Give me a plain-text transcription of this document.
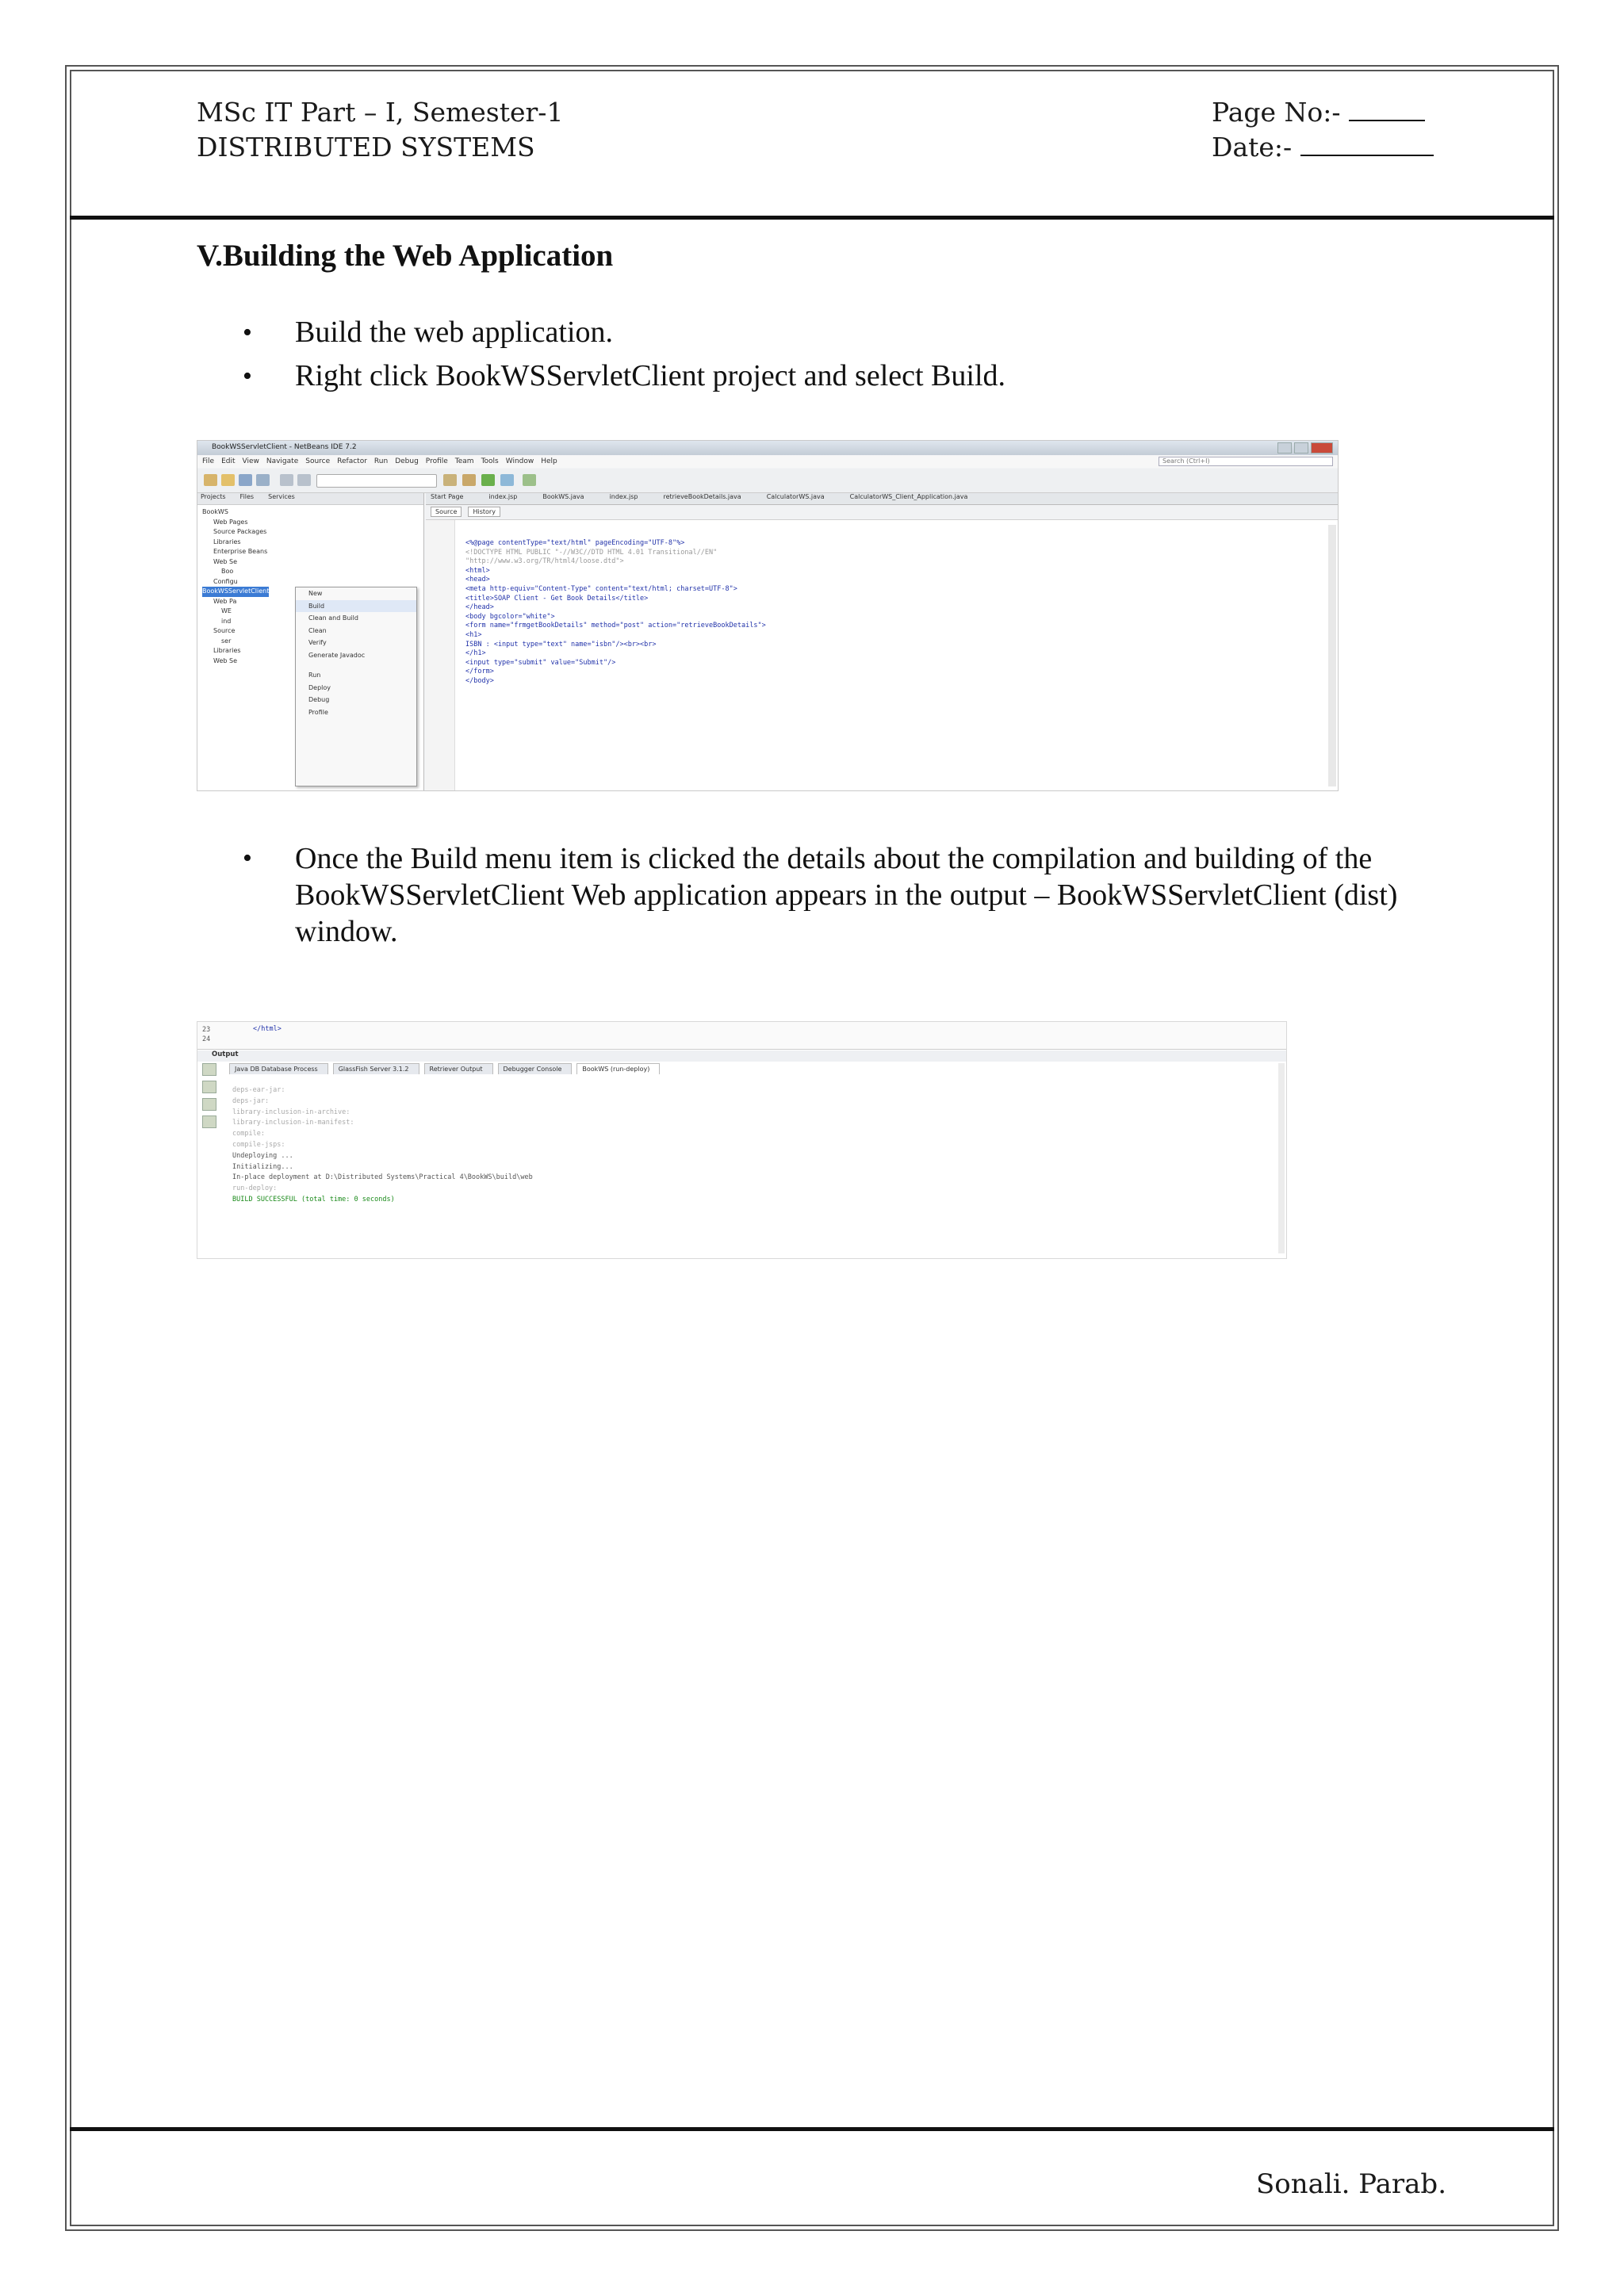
MSc IT Part – I, Semester-1
DISTRIBUTED SYSTEMS
Page No:-
Date:-
V.Building the Web Application
• Build the web application.
• Right click BookWSServletClient project and select Build.
BookWSServletClient - NetBeans IDE 7.2
File Edit View Navigate Source Refactor Run Debug Profile Team Tools Window Help	Search (Ctrl+I)
Projects Files Services
BookWS
Web Pages
Source Packages
Libraries
Enterprise Beans
Web Se
Boo
Configu
BookWSServletClient
Web Pa
WE
ind
Source
ser
Libraries
Web Se
New
Build
Clean and Build
Clean
Verify
Generate Javadoc
Run
Deploy
Debug
Profile
Start Page	index.jsp	BookWS.java	index.jsp	retrieveBookDetails.java	CalculatorWS.java	CalculatorWS_Client_Application.java
Source	History
<%@page contentType="text/html" pageEncoding="UTF-8"%>
<!DOCTYPE HTML PUBLIC "-//W3C//DTD HTML 4.01 Transitional//EN"
"http://www.w3.org/TR/html4/loose.dtd">
<html>
<head>
<meta http-equiv="Content-Type" content="text/html; charset=UTF-8">
<title>SOAP Client - Get Book Details</title>
</head>
<body bgcolor="white">
<form name="frmgetBookDetails" method="post" action="retrieveBookDetails">
<h1>
ISBN : <input type="text" name="isbn"/><br><br>
</h1>
<input type="submit" value="Submit"/>
</form>
</body>
• Once the Build menu item is clicked the details about the compilation and building of the BookWSServletClient Web application appears in the output – BookWSServletClient (dist) window.
23
24
</html>
Output
Java DB Database Process	GlassFish Server 3.1.2	Retriever Output	Debugger Console	BookWS (run-deploy)
deps-ear-jar:
deps-jar:
library-inclusion-in-archive:
library-inclusion-in-manifest:
compile:
compile-jsps:
Undeploying ...
Initializing...
In-place deployment at D:\Distributed Systems\Practical 4\BookWS\build\web
run-deploy:
BUILD SUCCESSFUL (total time: 0 seconds)
Sonali. Parab.
